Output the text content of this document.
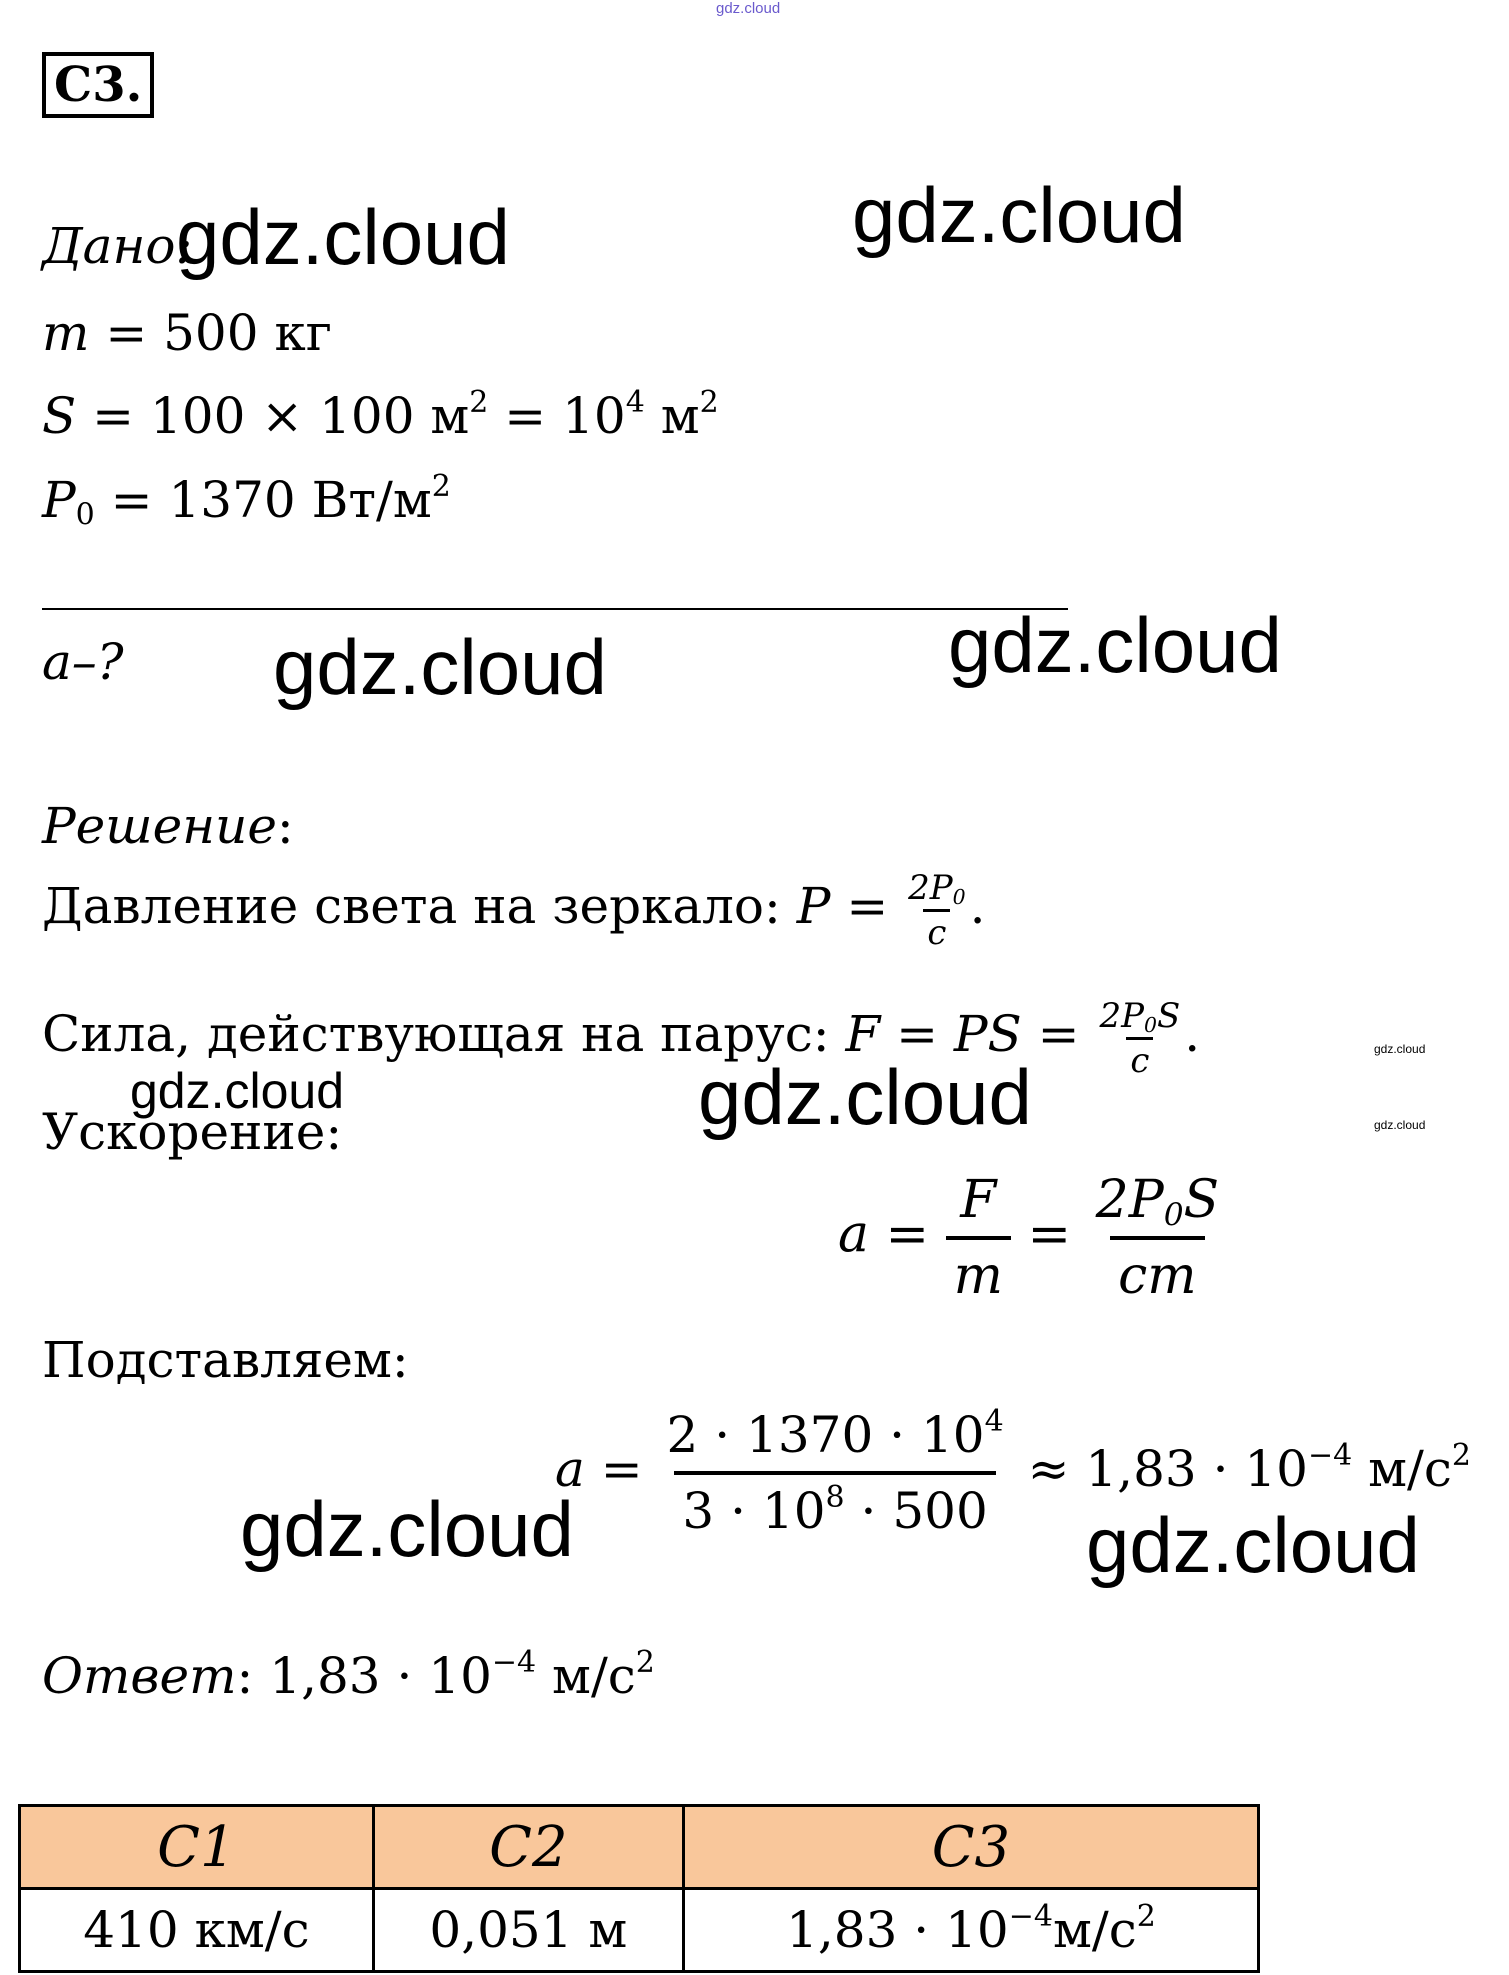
gdz.cloud
С3.
Дано:
m = 500 кг
S = 100 × 100 $м^2 = 10^4$ $м^2$
$P_0 = 1370$ $Вт/м^2$
a–?
Решение:
Давление света на зеркало: $P = \frac{2P_0}{c}$ .
Сила, действующая на парус: F = PS = $\frac{2P_0S}{c}$ .
Ускорение:
$a = \frac{F}{m} = \frac{2P_0S}{cm}$
Подставляем:
$a = \frac{2 \cdot 1370 \cdot 10^4}{3 \cdot 10^8 \cdot 500} \approx 1,83 \cdot 10^{-4}$ $м/с^2$
Ответ: $1,83 \cdot 10^{-4}$ $м/с^2$
С1	С2	С3
410 км/с	0,051 м	$1,83 \cdot 10^{-4}м/с^2$
gdz.cloud	gdz.cloud
gdz.cloud	gdz.cloud
gdz.cloud	gdz.cloud
gdz.cloud	gdz.cloud
gdz.cloud
gdz.cloud
